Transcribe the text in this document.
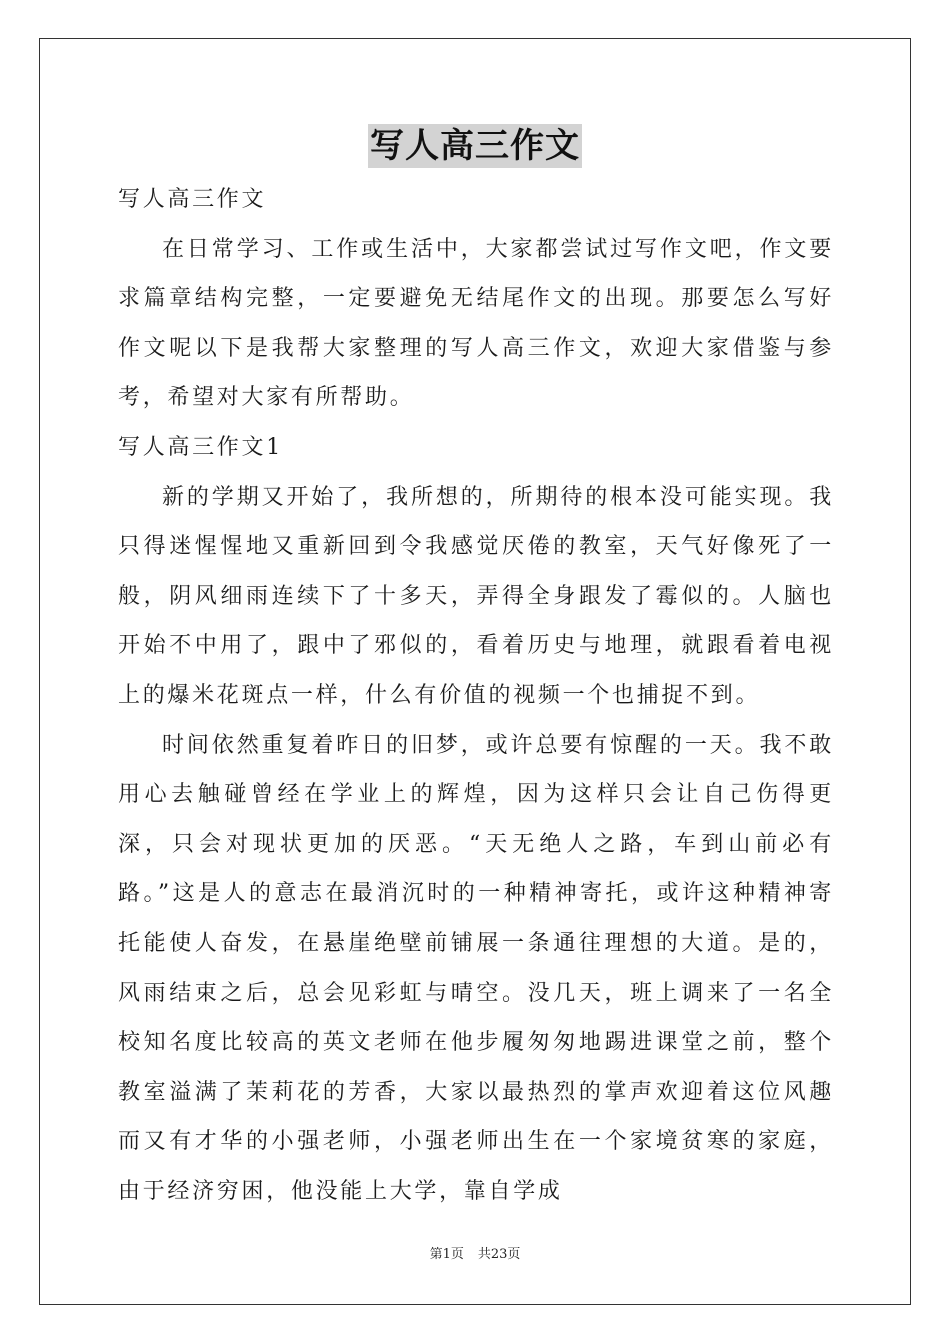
写人高三作文

写人高三作文

在日常学习、工作或生活中，大家都尝试过写作文吧，作文要求篇章结构完整，一定要避免无结尾作文的出现。那要怎么写好作文呢以下是我帮大家整理的写人高三作文，欢迎大家借鉴与参考，希望对大家有所帮助。

写人高三作文1

新的学期又开始了，我所想的，所期待的根本没可能实现。我只得迷惺惺地又重新回到令我感觉厌倦的教室，天气好像死了一般，阴风细雨连续下了十多天，弄得全身跟发了霉似的。人脑也开始不中用了，跟中了邪似的，看着历史与地理，就跟看着电视上的爆米花斑点一样，什么有价值的视频一个也捕捉不到。

时间依然重复着昨日的旧梦，或许总要有惊醒的一天。我不敢用心去触碰曾经在学业上的辉煌，因为这样只会让自己伤得更深，只会对现状更加的厌恶。“天无绝人之路，车到山前必有路。”这是人的意志在最消沉时的一种精神寄托，或许这种精神寄托能使人奋发，在悬崖绝壁前铺展一条通往理想的大道。是的，风雨结束之后，总会见彩虹与晴空。没几天，班上调来了一名全校知名度比较高的英文老师在他步履匆匆地踢进课堂之前，整个教室溢满了茉莉花的芳香，大家以最热烈的掌声欢迎着这位风趣而又有才华的小强老师，小强老师出生在一个家境贫寒的家庭，由于经济穷困，他没能上大学，靠自学成

第1页 共23页
